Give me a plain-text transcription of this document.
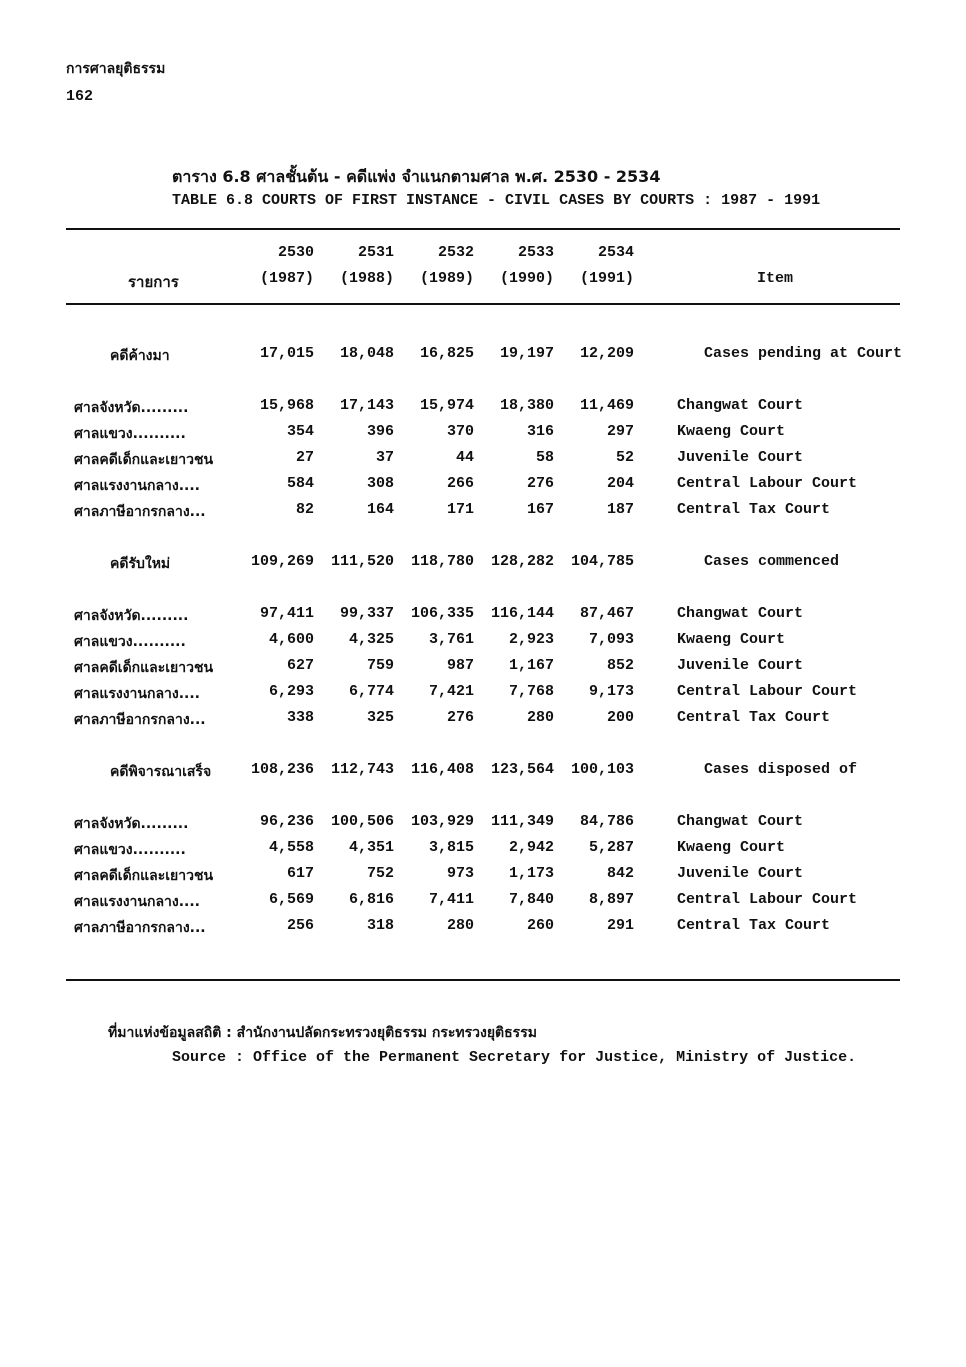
การศาลยุติธรรม
162
ตาราง 6.8 ศาลชั้นต้น - คดีแพ่ง จำแนกตามศาล พ.ศ. 2530 - 2534
TABLE 6.8 COURTS OF FIRST INSTANCE - CIVIL CASES BY COURTS : 1987 - 1991
รายการ	Item
2530	2531	2532	2533	2534
(1987)	(1988)	(1989)	(1990)	(1991)
คดีค้างมา	17,015	18,048	16,825	19,197	12,209	Cases pending at Court
ศาลจังหวัด.........	15,968	17,143	15,974	18,380	11,469	Changwat Court
ศาลแขวง..........	354	396	370	316	297	Kwaeng Court
ศาลคดีเด็กและเยาวชน	27	37	44	58	52	Juvenile Court
ศาลแรงงานกลาง....	584	308	266	276	204	Central Labour Court
ศาลภาษีอากรกลาง...	82	164	171	167	187	Central Tax Court
คดีรับใหม่	109,269	111,520	118,780	128,282	104,785	Cases commenced
ศาลจังหวัด.........	97,411	99,337	106,335	116,144	87,467	Changwat Court
ศาลแขวง..........	4,600	4,325	3,761	2,923	7,093	Kwaeng Court
ศาลคดีเด็กและเยาวชน	627	759	987	1,167	852	Juvenile Court
ศาลแรงงานกลาง....	6,293	6,774	7,421	7,768	9,173	Central Labour Court
ศาลภาษีอากรกลาง...	338	325	276	280	200	Central Tax Court
คดีพิจารณาเสร็จ	108,236	112,743	116,408	123,564	100,103	Cases disposed of
ศาลจังหวัด.........	96,236	100,506	103,929	111,349	84,786	Changwat Court
ศาลแขวง..........	4,558	4,351	3,815	2,942	5,287	Kwaeng Court
ศาลคดีเด็กและเยาวชน	617	752	973	1,173	842	Juvenile Court
ศาลแรงงานกลาง....	6,569	6,816	7,411	7,840	8,897	Central Labour Court
ศาลภาษีอากรกลาง...	256	318	280	260	291	Central Tax Court
ที่มาแห่งข้อมูลสถิติ : สำนักงานปลัดกระทรวงยุติธรรม กระทรวงยุติธรรม
Source : Office of the Permanent Secretary for Justice, Ministry of Justice.
